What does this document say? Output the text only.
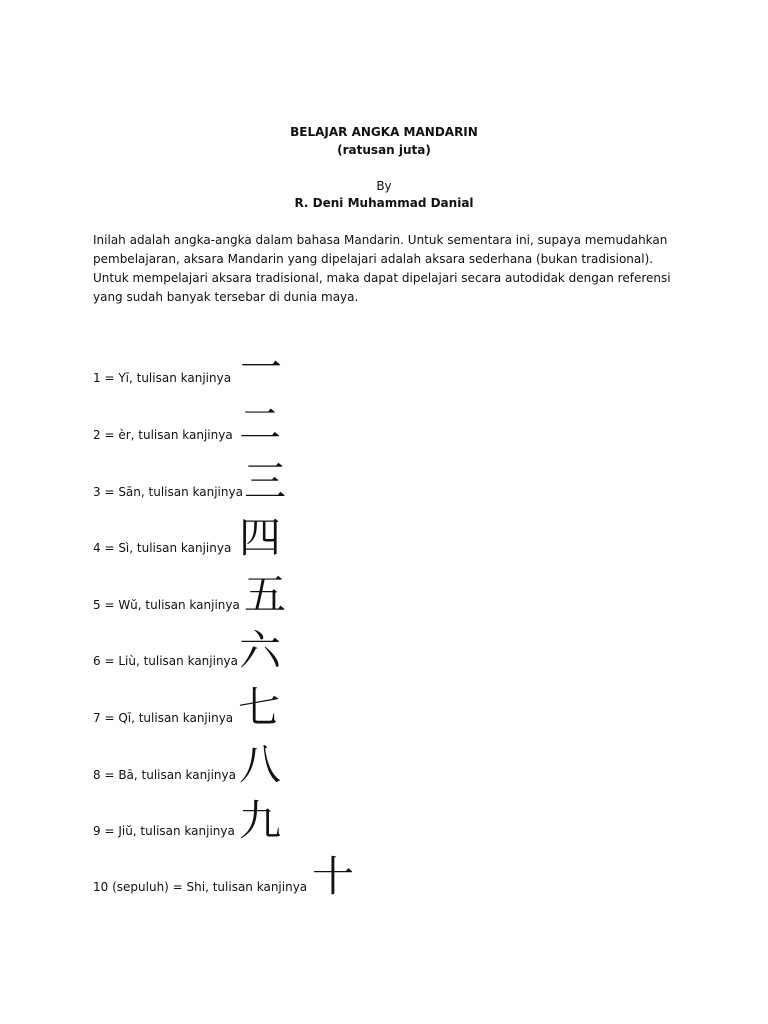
BELAJAR ANGKA MANDARIN
(ratusan juta)
By
R. Deni Muhammad Danial

Inilah adalah angka-angka dalam bahasa Mandarin. Untuk sementara ini, supaya memudahkan pembelajaran, aksara Mandarin yang dipelajari adalah aksara sederhana (bukan tradisional). Untuk mempelajari aksara tradisional, maka dapat dipelajari secara autodidak dengan referensi yang sudah banyak tersebar di dunia maya.

1 = Yī, tulisan kanjinya 一
2 = èr, tulisan kanjinya 二
3 = Sān, tulisan kanjinya 三
4 = Sì, tulisan kanjinya 四
5 = Wŭ, tulisan kanjinya 五
6 = Liù, tulisan kanjinya 六
7 = Qī, tulisan kanjinya 七
8 = Bā, tulisan kanjinya 八
9 = Jiŭ, tulisan kanjinya 九
10 (sepuluh) = Shi, tulisan kanjinya 十
